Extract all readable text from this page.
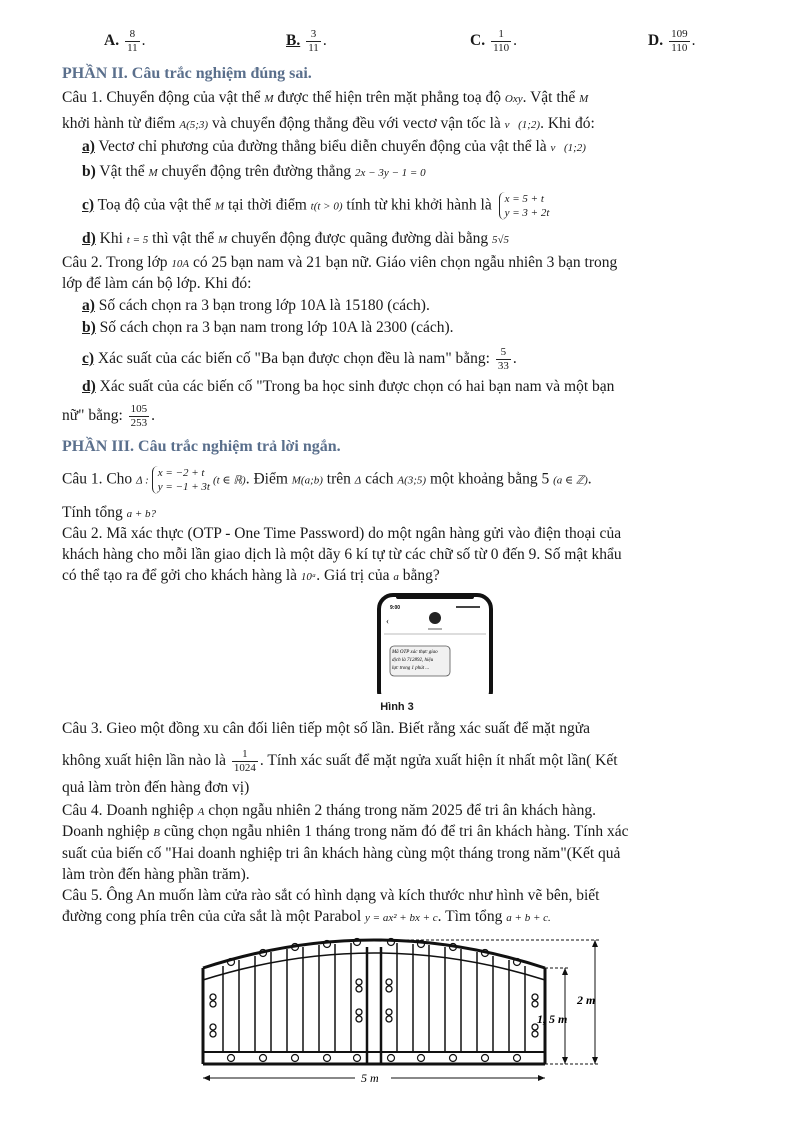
A. $\frac{8}{11}$ .	B. $\frac{3}{11}$ .	C. $\frac{1}{110}$ .	D. $\frac{109}{110}$ .
PHẦN II. Câu trắc nghiệm đúng sai.
Câu 1. Chuyển động của vật thể M được thể hiện trên mặt phẳng toạ độ Oxy. Vật thể M
khởi hành từ điểm A(5;3) và chuyển động thẳng đều với vectơ vận tốc là v⃗(1;2). Khi đó:
a) Vectơ chỉ phương của đường thẳng biểu diễn chuyển động của vật thể là v⃗(1;2)
b) Vật thể M chuyển động trên đường thẳng 2x − 3y − 1 = 0
c) Toạ độ của vật thể M tại thời điểm t(t > 0) tính từ khi khởi hành là x = 5 + t
y = 3 + 2t
d) Khi t = 5 thì vật thể M chuyển động được quãng đường dài bằng 5√5
Câu 2. Trong lớp 10A có 25 bạn nam và 21 bạn nữ. Giáo viên chọn ngẫu nhiên 3 bạn trong
lớp để làm cán bộ lớp. Khi đó:
a) Số cách chọn ra 3 bạn trong lớp 10A là 15180 (cách).
b) Số cách chọn ra 3 bạn nam trong lớp 10A là 2300 (cách).
c) Xác suất của các biến cố "Ba bạn được chọn đều là nam" bằng: $\frac{5}{33}$ .
d) Xác suất của các biến cố "Trong ba học sinh được chọn có hai bạn nam và một bạn
nữ" bằng: $\frac{105}{253}$ .
PHẦN III. Câu trắc nghiệm trả lời ngắn.
Câu 1. Cho Δ :
x = −2 + t
y = −1 + 3t
(t ∈ ℝ). Điểm M(a;b) trên Δ cách A(3;5) một khoảng bằng 5 (a ∈ ℤ).
Tính tổng a + b?
Câu 2. Mã xác thực (OTP - One Time Password) do một ngân hàng gửi vào điện thoại của
khách hàng cho mỗi lần giao dịch là một dãy 6 kí tự từ các chữ số từ 0 đến 9. Số mật khẩu
có thể tạo ra để gởi cho khách hàng là 10ᵃ. Giá trị của a bằng?
9:00
‹
Mã OTP xác thực giao
dịch là 712892, hiệu
lực trong 1 phút ...
Hình 3
Câu 3. Gieo một đồng xu cân đối liên tiếp một số lần. Biết rằng xác suất để mặt ngửa
không xuất hiện lần nào là $\frac{1}{1024}$ . Tính xác suất để mặt ngửa xuất hiện ít nhất một lần( Kết
quả làm tròn đến hàng đơn vị)
Câu 4. Doanh nghiệp A chọn ngẫu nhiên 2 tháng trong năm 2025 để tri ân khách hàng.
Doanh nghiệp B cũng chọn ngẫu nhiên 1 tháng trong năm đó để tri ân khách hàng. Tính xác
suất của biến cố "Hai doanh nghiệp tri ân khách hàng cùng một tháng trong năm"(Kết quả
làm tròn đến hàng phần trăm).
Câu 5. Ông An muốn làm cửa rào sắt có hình dạng và kích thước như hình vẽ bên, biết
đường cong phía trên của cửa sắt là một Parabol y = ax² + bx + c. Tìm tổng a + b + c.
5 m
2 m
1, 5 m
